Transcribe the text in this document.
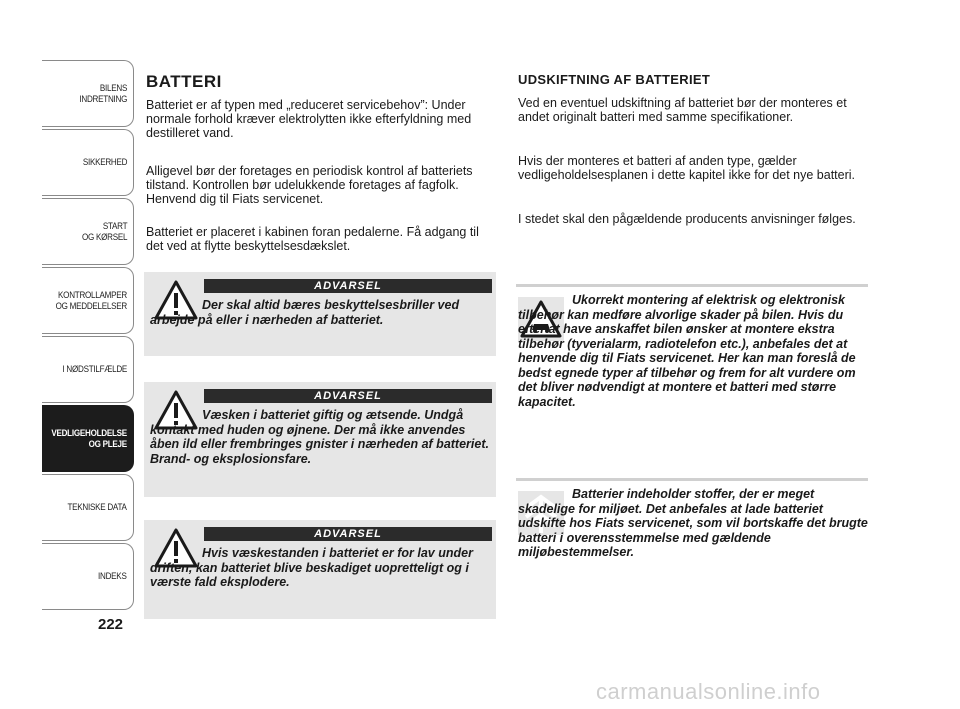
BILENS
INDRETNING
SIKKERHED
START
OG KØRSEL
KONTROLLAMPER
OG MEDDELELSER
I NØDSTILFÆLDE
VEDLIGEHOLDELSE
OG PLEJE
TEKNISKE DATA
INDEKS
222
BATTERI
Batteriet er af typen med „reduceret servicebehov”: Under normale forhold kræver elektrolytten ikke efterfyldning med destilleret vand.
Alligevel bør der foretages en periodisk kontrol af batteriets tilstand. Kontrollen bør udelukkende foretages af fagfolk. Henvend dig til Fiats servicenet.
Batteriet er placeret i kabinen foran pedalerne. Få adgang til det ved at flytte beskyttelsesdækslet.
ADVARSEL
Der skal altid bæres beskyttelsesbriller ved arbejde på eller i nærheden af batteriet.
ADVARSEL
Væsken i batteriet giftig og ætsende. Undgå kontakt med huden og øjnene. Der må ikke anvendes åben ild eller frembringes gnister i nærheden af batteriet. Brand- og eksplosionsfare.
ADVARSEL
Hvis væskestanden i batteriet er for lav under driften, kan batteriet blive beskadiget uopretteligt og i værste fald eksplodere.
UDSKIFTNING AF BATTERIET
Ved en eventuel udskiftning af batteriet bør der monteres et andet originalt batteri med samme specifikationer.
Hvis der monteres et batteri af anden type, gælder vedligeholdelsesplanen i dette kapitel ikke for det nye batteri.
I stedet skal den pågældende producents anvisninger følges.
Ukorrekt montering af elektrisk og elektronisk tilbehør kan medføre alvorlige skader på bilen. Hvis du efter at have anskaffet bilen ønsker at montere ekstra tilbehør (tyverialarm, radiotelefon etc.), anbefales det at henvende dig til Fiats servicenet. Her kan man foreslå de bedst egnede typer af tilbehør og frem for alt vurdere om det bliver nødvendigt at montere et batteri med større kapacitet.
Batterier indeholder stoffer, der er meget skadelige for miljøet. Det anbefales at lade batteriet udskifte hos Fiats servicenet, som vil bortskaffe det brugte batteri i overensstemmelse med gældende miljøbestemmelser.
carmanualsonline.info
